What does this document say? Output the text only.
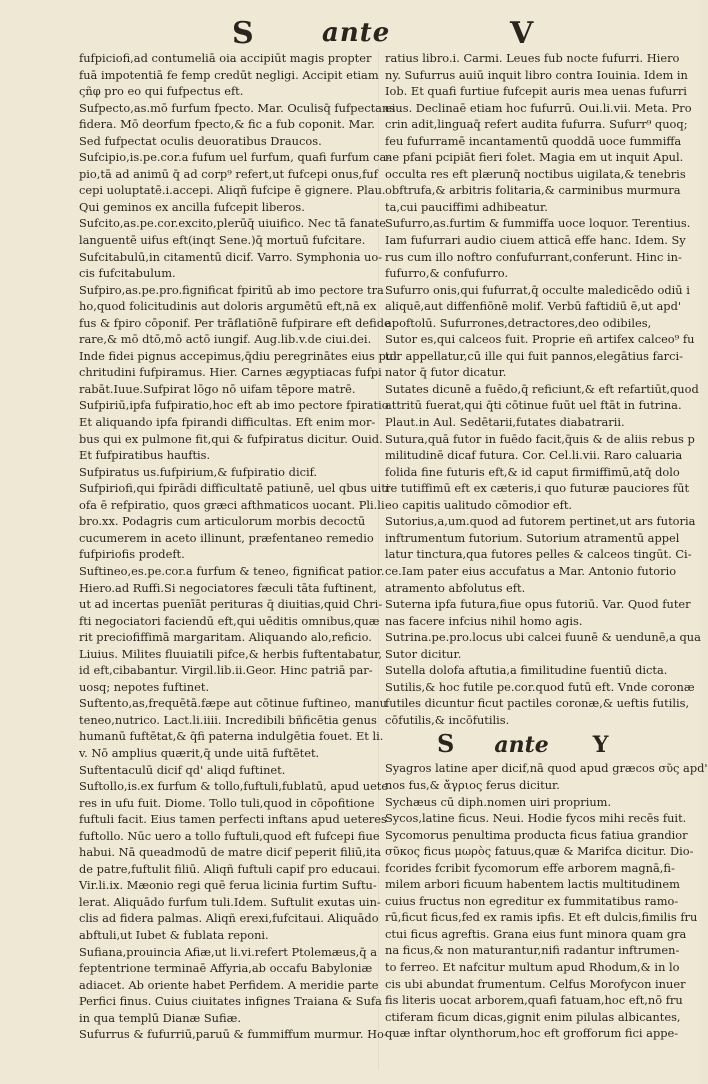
S	ante	V
fufpiciofi,ad contumeliā oia accipiūt magis propter
fuā impotentiā fe femp credūt negligi. Accipit etiam
ςñφ pro eo qui fufpectus eft.
Sufpecto,as.mō furfum fpecto. Mar. Oculisq̄ fufpectans
fidera. Mō deorfum fpecto,& fic a fub coponit. Mar.
Sed fufpectat oculis deuoratibus Draucos.
Sufcipio,is.pe.cor.a fufum uel furfum, quafi furfum ca-
pio,tā ad animū q̄ ad corp⁹ refert,ut fufcepi onus,fuf
cepi uoluptatē.i.accepi. Aliqñ fufcipe ē gignere. Plau.
Qui geminos ex ancilla fufcepit liberos.
Sufcito,as.pe.cor.excito,plerūq̄ uiuifico. Nec tā fanate
languentē uifus eft(inqt Sene.)q̄ mortuū fufcitare.
Sufcitabulū,in citamentū dicif. Varro. Symphonia uo-
cis fufcitabulum.
Sufpiro,as.pe.pro.fignificat fpiritū ab imo pectore tra
ho,quod folicitudinis aut doloris argumētū eft,nā ex
fus & fpiro cōponif. Per trāflatiōnē fufpirare eft defide
rare,& mō dtō,mō actō iungif. Aug.lib.v.de ciui.dei.
Inde fidei pignus accepimus,q̄diu peregrinātes eius pul
chritudini fufpiramus. Hier. Carnes ægyptiacas fufpi
rabāt.Iuue.Sufpirat lōgo nō uifam tēpore matrē.
Sufpiriū,ipfa fufpiratio,hoc eft ab imo pectore fpiratio
Et aliquando ipfa fpirandi difficultas. Eft enim mor-
bus qui ex pulmone fit,qui & fufpiratus dicitur. Ouid.
Et fufpiratibus hauftis.
Sufpiratus us.fufpirium,& fufpiratio dicif.
Sufpiriofi,qui fpirādi difficultatē patiunē, uel qbus uiti
ofa ē refpiratio, quos græci afthmaticos uocant. Pli.li
bro.xx. Podagris cum articulorum morbis decoctū
cucumerem in aceto illinunt, præfentaneo remedio
fufpiriofis prodeft.
Suftineo,es.pe.cor.a furfum & teneo, fignificat patior.
Hiero.ad Ruffi.Si negociatores fæculi tāta fuftinent,
ut ad incertas puenīāt perituras q̄ diuitias,quid Chri-
fti negociatori faciendū eft,qui uēditis omnibus,quæ
rit preciofiffimā margaritam. Aliquando alo,reficio.
Liuius. Milites fluuiatili pifce,& herbis fuftentabatur,
id eft,cibabantur. Virgil.lib.ii.Geor. Hinc patriā par-
uosq; nepotes fuftinet.
Suftento,as,frequētā.fæpe aut cōtinue fuftineo, manu
teneo,nutrico. Lact.li.iiii. Incredibili bñficētia genus
humanū fuftētat,& q̄fi paterna indulgētia fouet. Et li.
v. Nō amplius quærit,q̄ unde uitā fuftētet.
Suftentaculū dicif qd' aliqd fuftinet.
Suftollo,is.ex furfum & tollo,fuftuli,fublatū, apud uete
res in ufu fuit. Diome. Tollo tuli,quod in cōpofitione
fuftuli facit. Eius tamen perfecti inftans apud ueteres
fuftollo. Nūc uero a tollo fuftuli,quod eft fufcepi fiue
habui. Nā queadmodū de matre dicif peperit filiū,ita
de patre,fuftulit filiū. Aliqñ fuftuli capif pro educaui.
Vir.li.ix. Mæonio regi quē ferua licinia furtim Suftu-
lerat. Aliquādo furfum tuli.Idem. Suftulit exutas uin-
clis ad fidera palmas. Aliqñ erexi,fufcitaui. Aliquādo
abftuli,ut Iubet & fublata reponi.
Sufiana,prouincia Afiæ,ut li.vi.refert Ptolemæus,q̄ a
feptentrione terminaē Affyria,ab occafu Babyloniæ
adiacet. Ab oriente habet Perfidem. A meridie parte
Perfici finus. Cuius ciuitates infignes Traiana & Sufa
in qua templū Dianæ Sufiæ.
Sufurrus & fufurriū,paruū & fummiffum murmur. Ho-
ratius libro.i. Carmi. Leues fub nocte fufurri. Hiero
ny. Sufurrus auiū inquit libro contra Iouinia. Idem in
Iob. Et quafi furtiue fufcepit auris mea uenas fufurri
eius. Declinaē etiam hoc fufurrū. Oui.li.vii. Meta. Pro
crin adit,linguaq̄ refert audita fufurra. Sufurr⁹ quoq;
feu fufurramē incantamentū quoddā uoce fummiffa
ne pfani pcipiāt fieri folet. Magia em ut inquit Apul.
occulta res eft plærunq̄ noctibus uigilata,& tenebris
obftrufa,& arbitris folitaria,& carminibus murmura
ta,cui pauciffimi adhibeatur.
Sufurro,as.furtim & fummiffa uoce loquor. Terentius.
Iam fufurrari audio ciuem atticā effe hanc. Idem. Sy
rus cum illo noftro confufurrant,conferunt. Hinc in-
fufurro,& confufurro.
Sufurro onis,qui fufurrat,q̄ occulte maledicēdo odiū i
aliquē,aut diffenfiōnē molif. Verbū faftidiū ē,ut apd'
apoftolū. Sufurrones,detractores,deo odibiles,
Sutor es,qui calceos fuit. Proprie eñ artifex calceo⁹ fu
tor appellatur,cū ille qui fuit pannos,elegātius farci-
nator q̄ futor dicatur.
Sutates dicunē a fuēdo,q̄ reficiunt,& eft refartiūt,quod
attritū fuerat,qui q̄ti cōtinue fuūt uel ftāt in futrina.
Plaut.in Aul. Sedētarii,futates diabatrarii.
Sutura,quā futor in fuēdo facit,q̄uis & de aliis rebus p
militudinē dicaf futura. Cor. Cel.li.vii. Raro caluaria
folida fine futuris eft,& id caput firmiffimū,atq̄ dolo
re tutiffimū eft ex cæteris,i quo futuræ pauciores fūt
eo capitis ualitudo cōmodior eft.
Sutorius,a,um.quod ad futorem pertinet,ut ars futoria
inftrumentum futorium. Sutorium atramentū appel
latur tinctura,qua futores pelles & calceos tingūt. Ci-
ce.Iam pater eius accufatus a Mar. Antonio futorio
atramento abfolutus eft.
Suterna ipfa futura,fiue opus futoriū. Var. Quod futer
nas facere infcius nihil homo agis.
Sutrina.pe.pro.locus ubi calcei fuunē & uendunē,a qua
Sutor dicitur.
Sutella dolofa aftutia,a fimilitudine fuentiū dicta.
Sutilis,& hoc futile pe.cor.quod futū eft. Vnde coronæ
futiles dicuntur ficut pactiles coronæ,& ueftis futilis,
cōfutilis,& incōfutilis.
S ante Y
Syagros latine aper dicif,nā quod apud græcos σῦς apd'
nos fus,& ἄγριος ferus dicitur.
Sychæus cū diph.nomen uiri proprium.
Sycos,latine ficus. Neui. Hodie fycos mihi recēs fuit.
Sycomorus penultima producta ficus fatiua grandior
σῦκος ficus μωρὸς fatuus,quæ & Marifca dicitur. Dio-
fcorides fcribit fycomorum effe arborem magnā,fi-
milem arbori ficuum habentem lactis multitudinem
cuius fructus non egreditur ex fummitatibus ramo-
rū,ficut ficus,fed ex ramis ipfis. Et eft dulcis,fimilis fru
ctui ficus agreftis. Grana eius funt minora quam gra
na ficus,& non maturantur,nifi radantur inftrumen-
to ferreo. Et nafcitur multum apud Rhodum,& in lo
cis ubi abundat frumentum. Celfus Morofycon inuer
fis literis uocat arborem,quafi fatuam,hoc eft,nō fru
ctiferam ficum dicas,gignit enim pilulas albicantes,
quæ inftar olynthorum,hoc eft grofforum fici appe-
